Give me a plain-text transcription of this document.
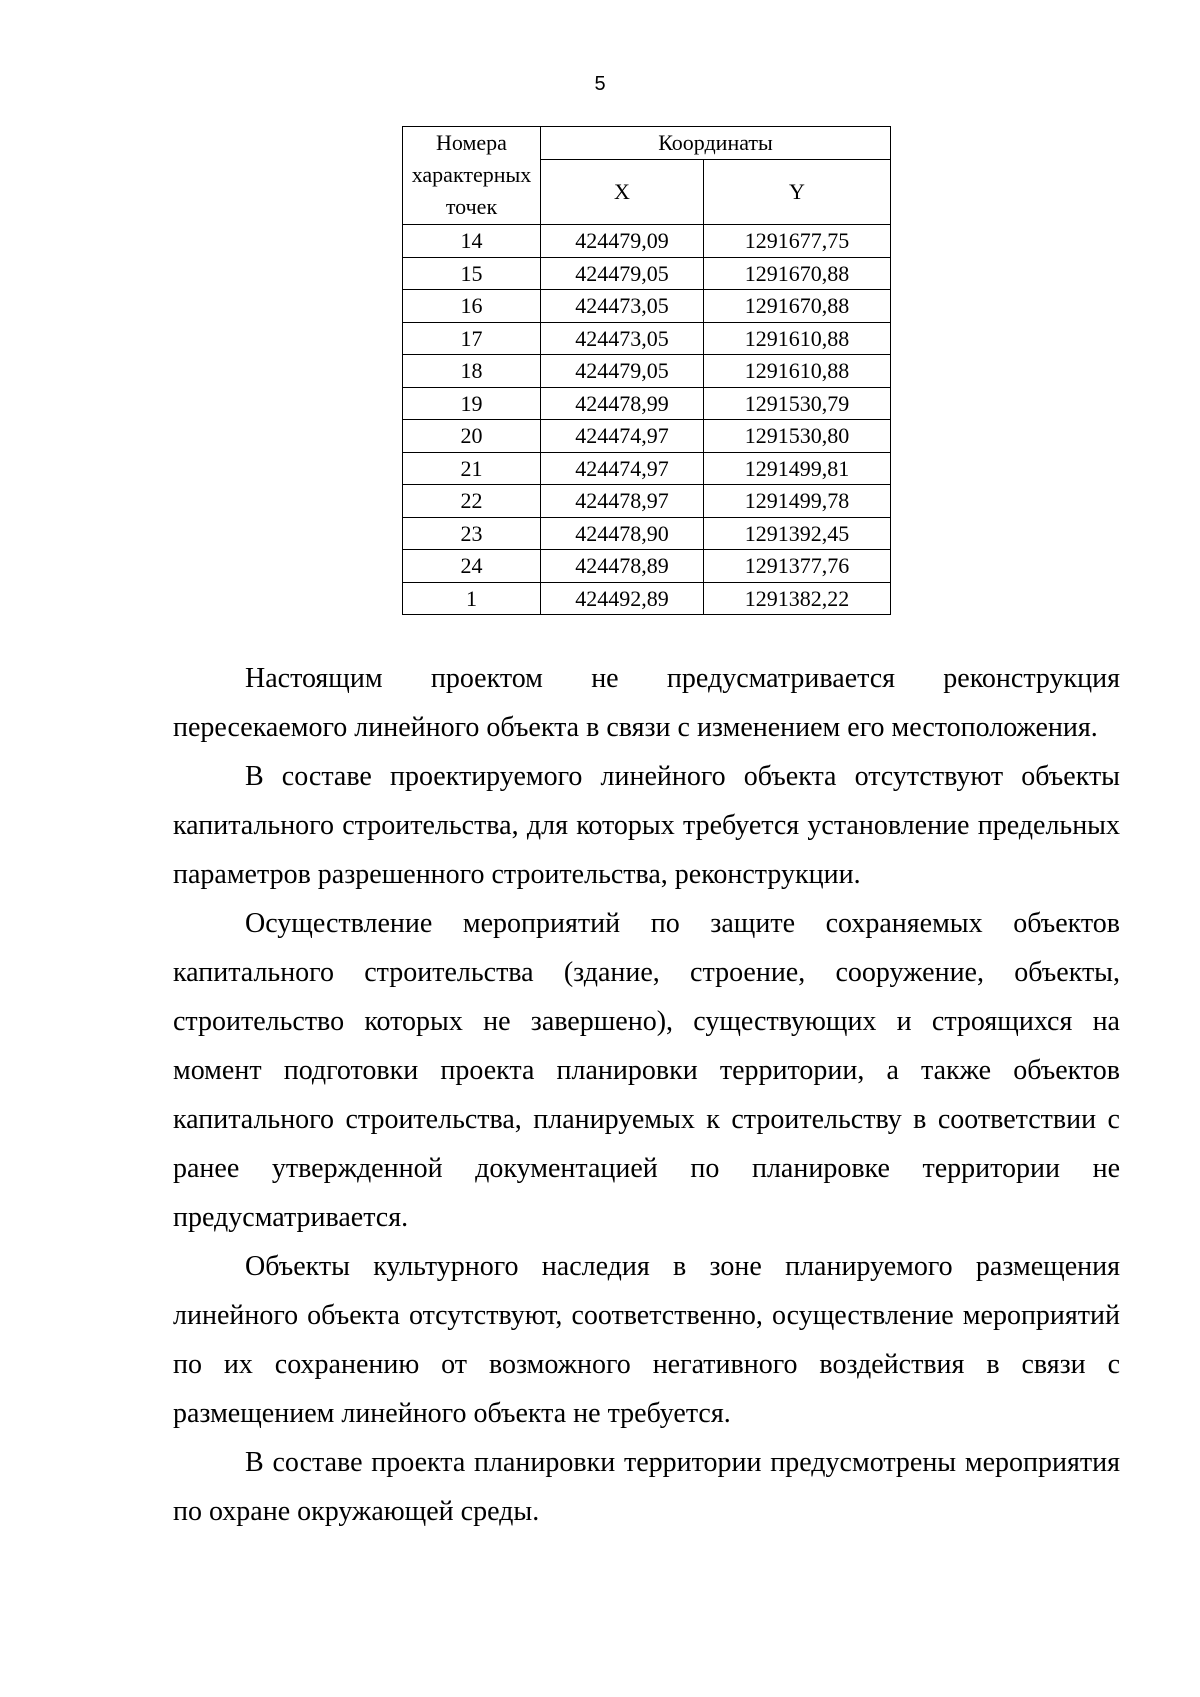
5
Номера
характерных
точек	Координаты	
	X	Y
14	424479,09	1291677,75
15	424479,05	1291670,88
16	424473,05	1291670,88
17	424473,05	1291610,88
18	424479,05	1291610,88
19	424478,99	1291530,79
20	424474,97	1291530,80
21	424474,97	1291499,81
22	424478,97	1291499,78
23	424478,90	1291392,45
24	424478,89	1291377,76
1	424492,89	1291382,22

Настоящим проектом не предусматривается реконструкция пересекаемого линейного объекта в связи с изменением его местоположения.

В составе проектируемого линейного объекта отсутствуют объекты капитального строительства, для которых требуется установление предельных параметров разрешенного строительства, реконструкции.

Осуществление мероприятий по защите сохраняемых объектов капитального строительства (здание, строение, сооружение, объекты, строительство которых не завершено), существующих и строящихся на момент подготовки проекта планировки территории, а также объектов капитального строительства, планируемых к строительству в соответствии с ранее утвержденной документацией по планировке территории не предусматривается.

Объекты культурного наследия в зоне планируемого размещения линейного объекта отсутствуют, соответственно, осуществление мероприятий по их сохранению от возможного негативного воздействия в связи с размещением линейного объекта не требуется.

В составе проекта планировки территории предусмотрены мероприятия по охране окружающей среды.
